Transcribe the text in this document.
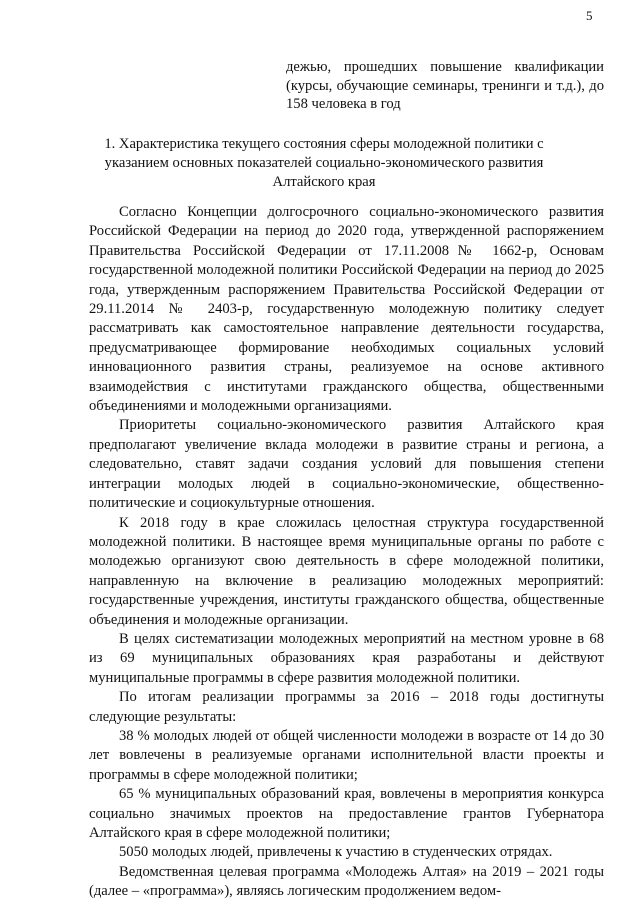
5
дежью, прошедших повышение квалификации (курсы, обучающие семинары, тренинги и т.д.), до 158 человека в год
1. Характеристика текущего состояния сферы молодежной политики с указанием основных показателей социально-экономического развития Алтайского края

Согласно Концепции долгосрочного социально-экономического развития Российской Федерации на период до 2020 года, утвержденной распоряжением Правительства Российской Федерации от 17.11.2008№ 1662-р, Основам государственной молодежной политики Российской Федерации на период до 2025 года, утвержденным распоряжением Правительства Российской Федерации от 29.11.2014 № 2403-р, государственную молодежную политику следует рассматривать как самостоятельное направление деятельности государства, предусматривающее формирование необходимых социальных условий инновационного развития страны, реализуемое на основе активного взаимодействия с институтами гражданского общества, общественными объединениями и молодежными организациями.

Приоритеты социально-экономического развития Алтайского края предполагают увеличение вклада молодежи в развитие страны и региона, а следовательно, ставят задачи создания условий для повышения степени интеграции молодых людей в социально-экономические, общественно-политические и социокультурные отношения.

К 2018 году в крае сложилась целостная структура государственной молодежной политики. В настоящее время муниципальные органы по работе с молодежью организуют свою деятельность в сфере молодежной политики, направленную на включение в реализацию молодежных мероприятий: государственные учреждения, институты гражданского общества, общественные объединения и молодежные организации.

В целях систематизации молодежных мероприятий на местном уровне в 68 из 69 муниципальных образованиях края разработаны и действуют муниципальные программы в сфере развития молодежной политики.

По итогам реализации программы за 2016 – 2018 годы достигнуты следующие результаты:

38 % молодых людей от общей численности молодежи в возрасте от 14 до 30 лет вовлечены в реализуемые органами исполнительной власти проекты и программы в сфере молодежной политики;

65 % муниципальных образований края, вовлечены в мероприятия конкурса социально значимых проектов на предоставление грантов Губернатора Алтайского края в сфере молодежной политики;

5050 молодых людей, привлечены к участию в студенческих отрядах.

Ведомственная целевая программа «Молодежь Алтая» на 2019 – 2021 годы (далее – «программа»), являясь логическим продолжением ведом-
